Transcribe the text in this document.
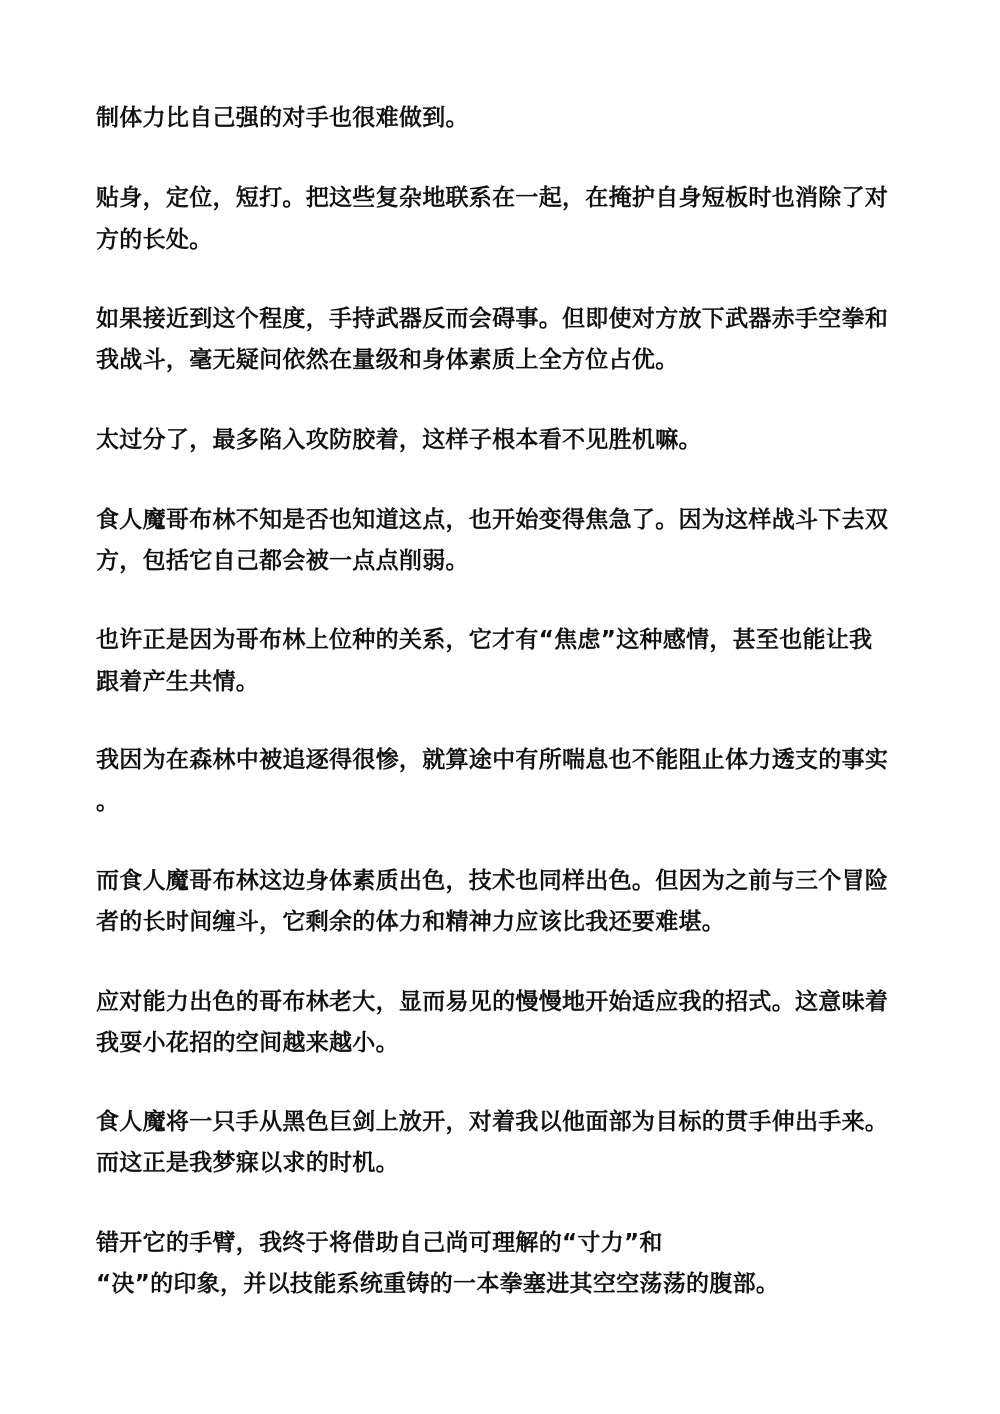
制体力比自己强的对手也很难做到。

贴身，定位，短打。把这些复杂地联系在一起，在掩护自身短板时也消除了对

方的长处。

如果接近到这个程度，手持武器反而会碍事。但即使对方放下武器赤手空拳和

我战斗，毫无疑问依然在量级和身体素质上全方位占优。

太过分了，最多陷入攻防胶着，这样子根本看不见胜机嘛。

食人魔哥布林不知是否也知道这点，也开始变得焦急了。因为这样战斗下去双

方，包括它自己都会被一点点削弱。

也许正是因为哥布林上位种的关系，它才有“焦虑”这种感情，甚至也能让我

跟着产生共情。

我因为在森林中被追逐得很惨，就算途中有所喘息也不能阻止体力透支的事实

。

而食人魔哥布林这边身体素质出色，技术也同样出色。但因为之前与三个冒险

者的长时间缠斗，它剩余的体力和精神力应该比我还要难堪。

应对能力出色的哥布林老大，显而易见的慢慢地开始适应我的招式。这意味着

我耍小花招的空间越来越小。

食人魔将一只手从黑色巨剑上放开，对着我以他面部为目标的贯手伸出手来。

而这正是我梦寐以求的时机。

错开它的手臂，我终于将借助自己尚可理解的“寸力”和

“决”的印象，并以技能系统重铸的一本拳塞进其空空荡荡的腹部。
